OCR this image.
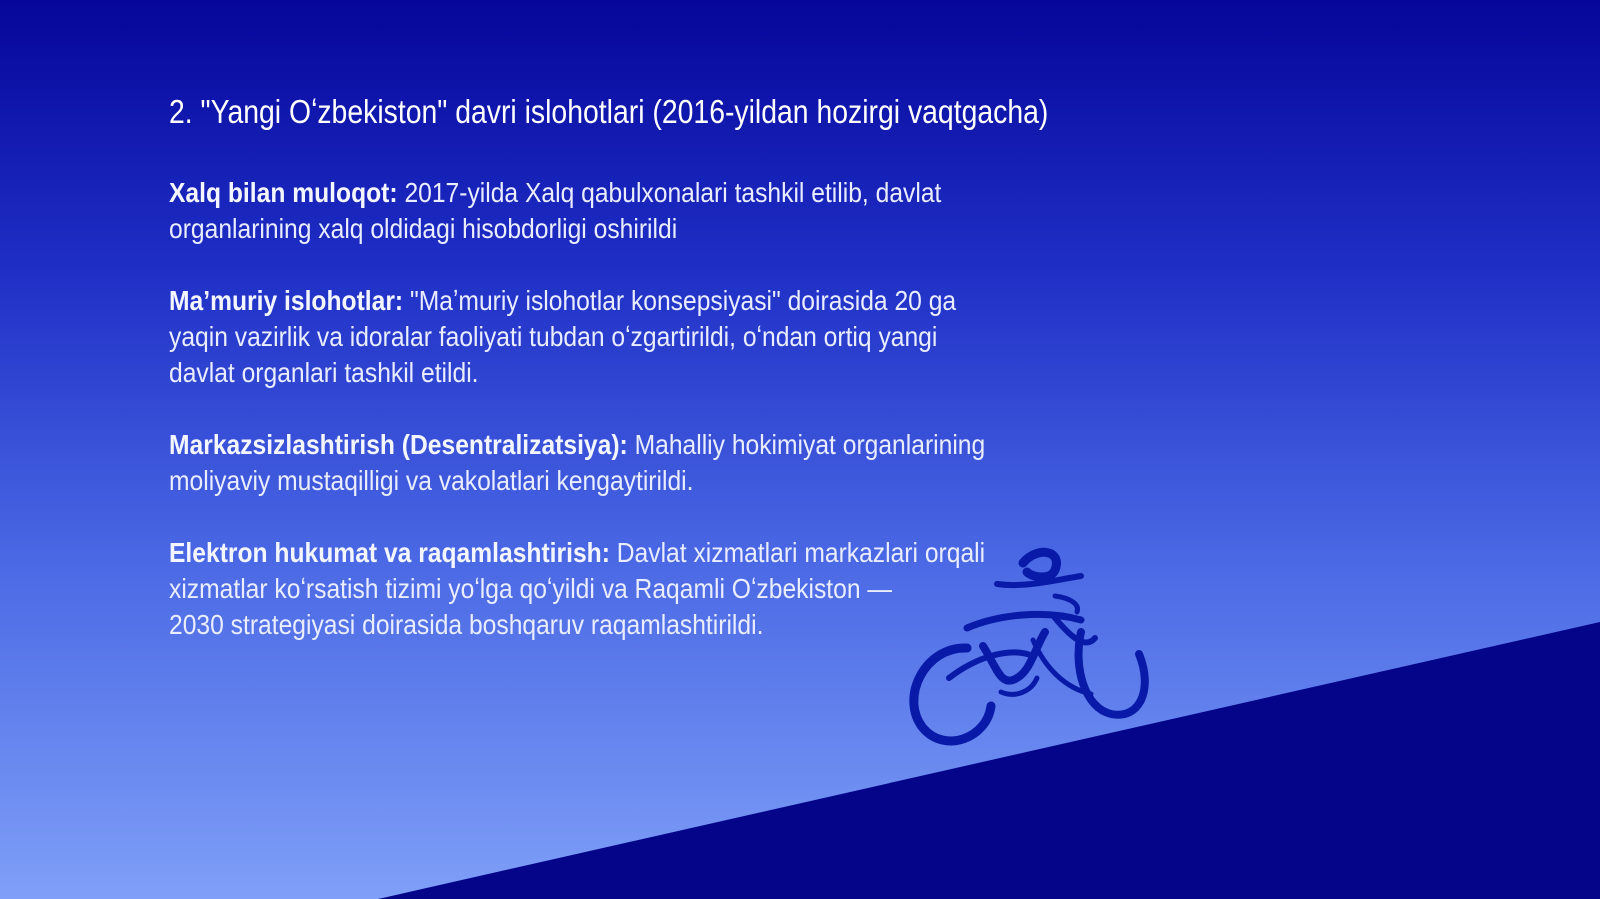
2. "Yangi Oʻzbekiston" davri islohotlari (2016-yildan hozirgi vaqtgacha)

Xalq bilan muloqot: 2017-yilda Xalq qabulxonalari tashkil etilib, davlat
organlarining xalq oldidagi hisobdorligi oshirildi

Maʼmuriy islohotlar: "Maʼmuriy islohotlar konsepsiyasi" doirasida 20 ga
yaqin vazirlik va idoralar faoliyati tubdan oʻzgartirildi, oʻndan ortiq yangi
davlat organlari tashkil etildi.

Markazsizlashtirish (Desentralizatsiya): Mahalliy hokimiyat organlarining
moliyaviy mustaqilligi va vakolatlari kengaytirildi.

Elektron hukumat va raqamlashtirish: Davlat xizmatlari markazlari orqali
xizmatlar koʻrsatish tizimi yoʻlga qoʻyildi va Raqamli Oʻzbekiston —
2030 strategiyasi doirasida boshqaruv raqamlashtirildi.
